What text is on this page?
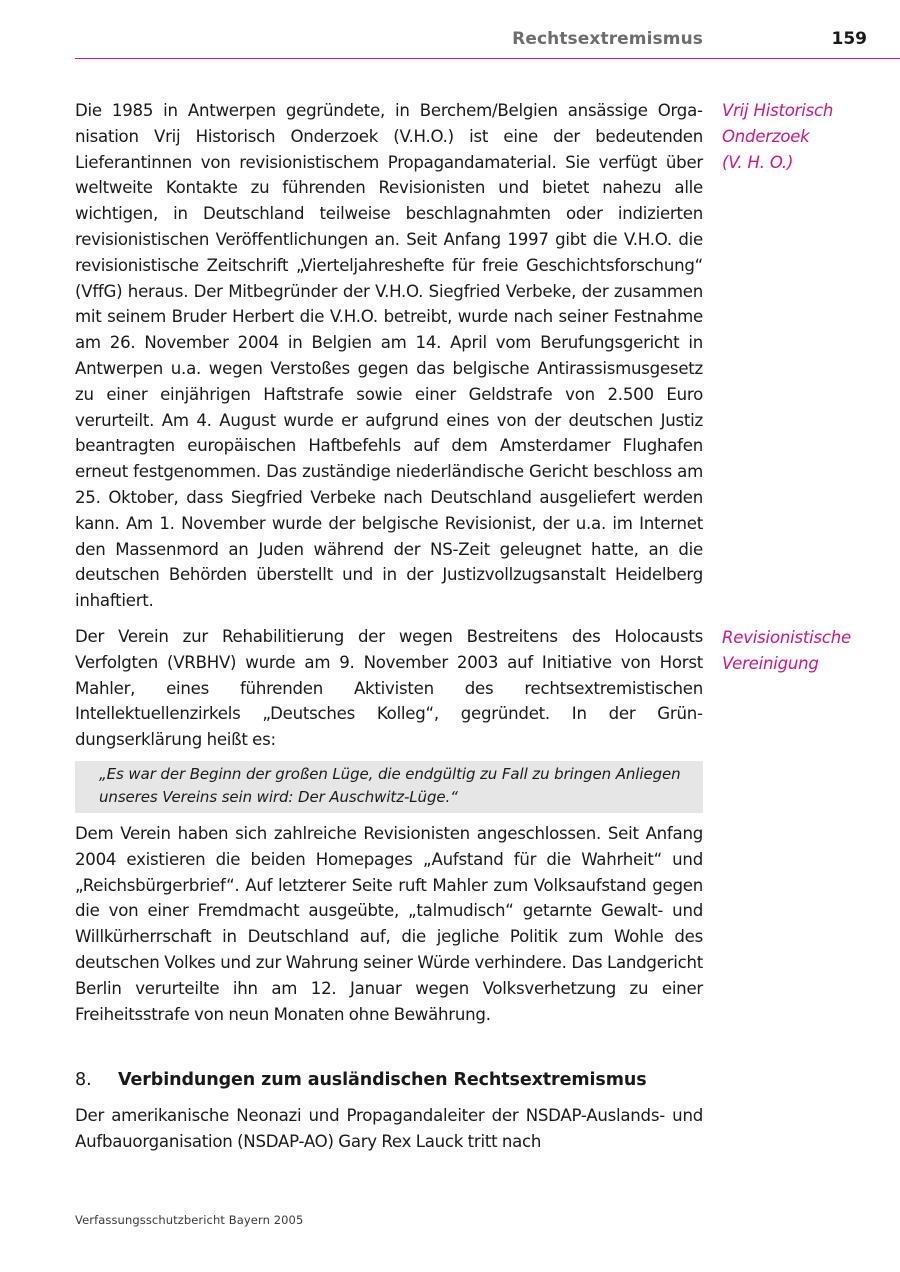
Rechtsextremismus	159
Vrij Historisch
Onderzoek
(V. H. O.)
Revisionistische
Vereinigung

Die 1985 in Antwerpen gegründete, in Berchem/Belgien ansässige Organisation Vrij Historisch Onderzoek (V.H.O.) ist eine der bedeutenden Lieferantinnen von revisionistischem Propagandamaterial. Sie verfügt über weltweite Kontakte zu führenden Revisionisten und bietet nahezu alle wichtigen, in Deutschland teilweise beschlagnahmten oder indizierten revisionistischen Veröffentlichungen an. Seit Anfang 1997 gibt die V.H.O. die revisionistische Zeitschrift „Vierteljahreshefte für freie Geschichtsforschung“ (VffG) heraus. Der Mitbegründer der V.H.O. Siegfried Verbeke, der zusammen mit seinem Bruder Herbert die V.H.O. betreibt, wurde nach seiner Festnahme am 26. November 2004 in Belgien am 14. April vom Berufungsgericht in Antwerpen u.a. wegen Verstoßes gegen das belgische Antirassismusgesetz zu einer einjährigen Haftstrafe sowie einer Geldstrafe von 2.500 Euro verurteilt. Am 4. August wurde er aufgrund eines von der deutschen Justiz beantragten europäischen Haftbefehls auf dem Amsterdamer Flughafen erneut festgenommen. Das zuständige niederländische Gericht beschloss am 25. Oktober, dass Siegfried Verbeke nach Deutschland ausgeliefert werden kann. Am 1. November wurde der belgische Revisionist, der u.a. im Internet den Massenmord an Juden während der NS-Zeit geleugnet hatte, an die deutschen Behörden überstellt und in der Justizvollzugsanstalt Heidelberg inhaftiert.

Der Verein zur Rehabilitierung der wegen Bestreitens des Holocausts Verfolgten (VRBHV) wurde am 9. November 2003 auf Initiative von Horst Mahler, eines führenden Aktivisten des rechtsextremistischen Intellektuellenzirkels „Deutsches Kolleg“, gegründet. In der Gründungserklärung heißt es:

„Es war der Beginn der großen Lüge, die endgültig zu Fall zu bringen Anliegen unseres Vereins sein wird: Der Auschwitz-Lüge.“

Dem Verein haben sich zahlreiche Revisionisten angeschlossen. Seit Anfang 2004 existieren die beiden Homepages „Aufstand für die Wahrheit“ und „Reichsbürgerbrief“. Auf letzterer Seite ruft Mahler zum Volksaufstand gegen die von einer Fremdmacht ausgeübte, „talmudisch“ getarnte Gewalt- und Willkürherrschaft in Deutschland auf, die jegliche Politik zum Wohle des deutschen Volkes und zur Wahrung seiner Würde verhindere. Das Landgericht Berlin verurteilte ihn am 12. Januar wegen Volksverhetzung zu einer Freiheitsstrafe von neun Monaten ohne Bewährung.

8.	Verbindungen zum ausländischen Rechtsextremismus

Der amerikanische Neonazi und Propagandaleiter der NSDAP-Auslands- und Aufbauorganisation (NSDAP-AO) Gary Rex Lauck tritt nach

Verfassungsschutzbericht Bayern 2005
